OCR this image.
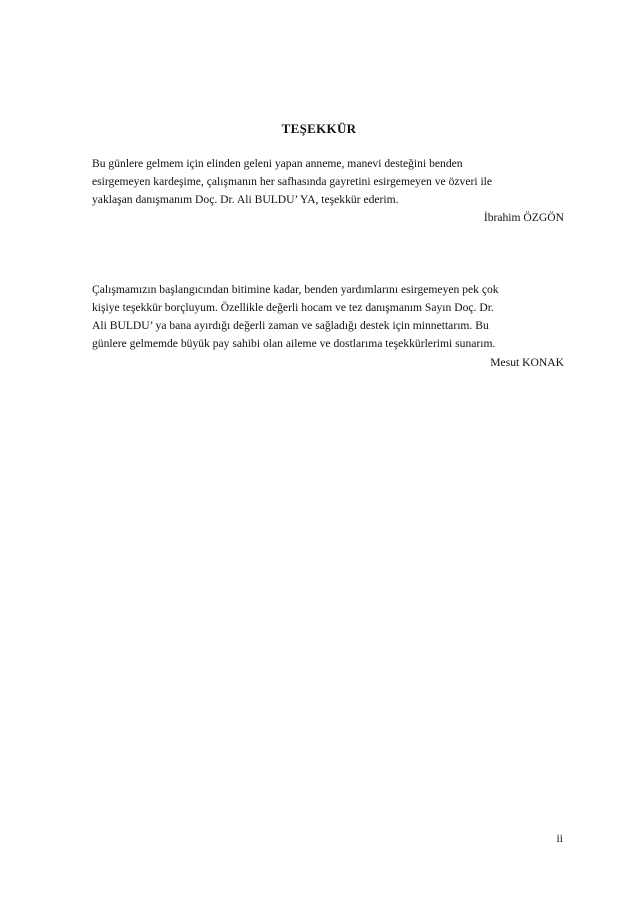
TEŞEKKÜR

Bu günlere gelmem için elinden geleni yapan anneme, manevi desteğini benden
esirgemeyen kardeşime, çalışmanın her safhasında gayretini esirgemeyen ve özveri ile
yaklaşan danışmanım Doç. Dr. Ali BULDU’ YA, teşekkür ederim.

İbrahim ÖZGÖN

Çalışmamızın başlangıcından bitimine kadar, benden yardımlarını esirgemeyen pek çok
kişiye teşekkür borçluyum. Özellikle değerli hocam ve tez danışmanım Sayın Doç. Dr.
Ali BULDU’ ya bana ayırdığı değerli zaman ve sağladığı destek için minnettarım. Bu
günlere gelmemde büyük pay sahibi olan aileme ve dostlarıma teşekkürlerimi sunarım.

Mesut KONAK
ii
